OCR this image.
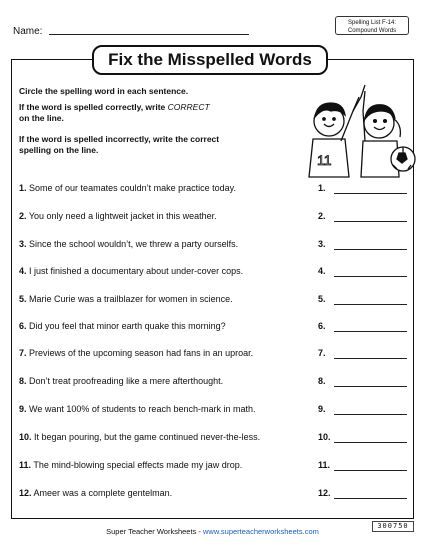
Name:
Spelling List F-14:
Compound Words
Fix the Misspelled Words
Circle the spelling word in each sentence.
If the word is spelled correctly, write CORRECT
on the line.
If the word is spelled incorrectly, write the correct spelling on the line.
11
1. Some of our teamates couldn’t make practice today.	1.
2. You only need a lightweit jacket in this weather.	2.
3. Since the school wouldn’t, we threw a party ourselfs.	3.
4. I just finished a documentary about under-cover cops.	4.
5. Marie Curie was a trailblazer for women in science.	5.
6. Did you feel that minor earth quake this morning?	6.
7. Previews of the upcoming season had fans in an uproar.	7.
8. Don’t treat proofreading like a mere afterthought.	8.
9. We want 100% of students to reach bench-mark in math.	9.
10. It began pouring, but the game continued never-the-less.	10.
11. The mind-blowing special effects made my jaw drop.	11.
12. Ameer was a complete gentelman.	12.
300750
Super Teacher Worksheets - www.superteacherworksheets.com
